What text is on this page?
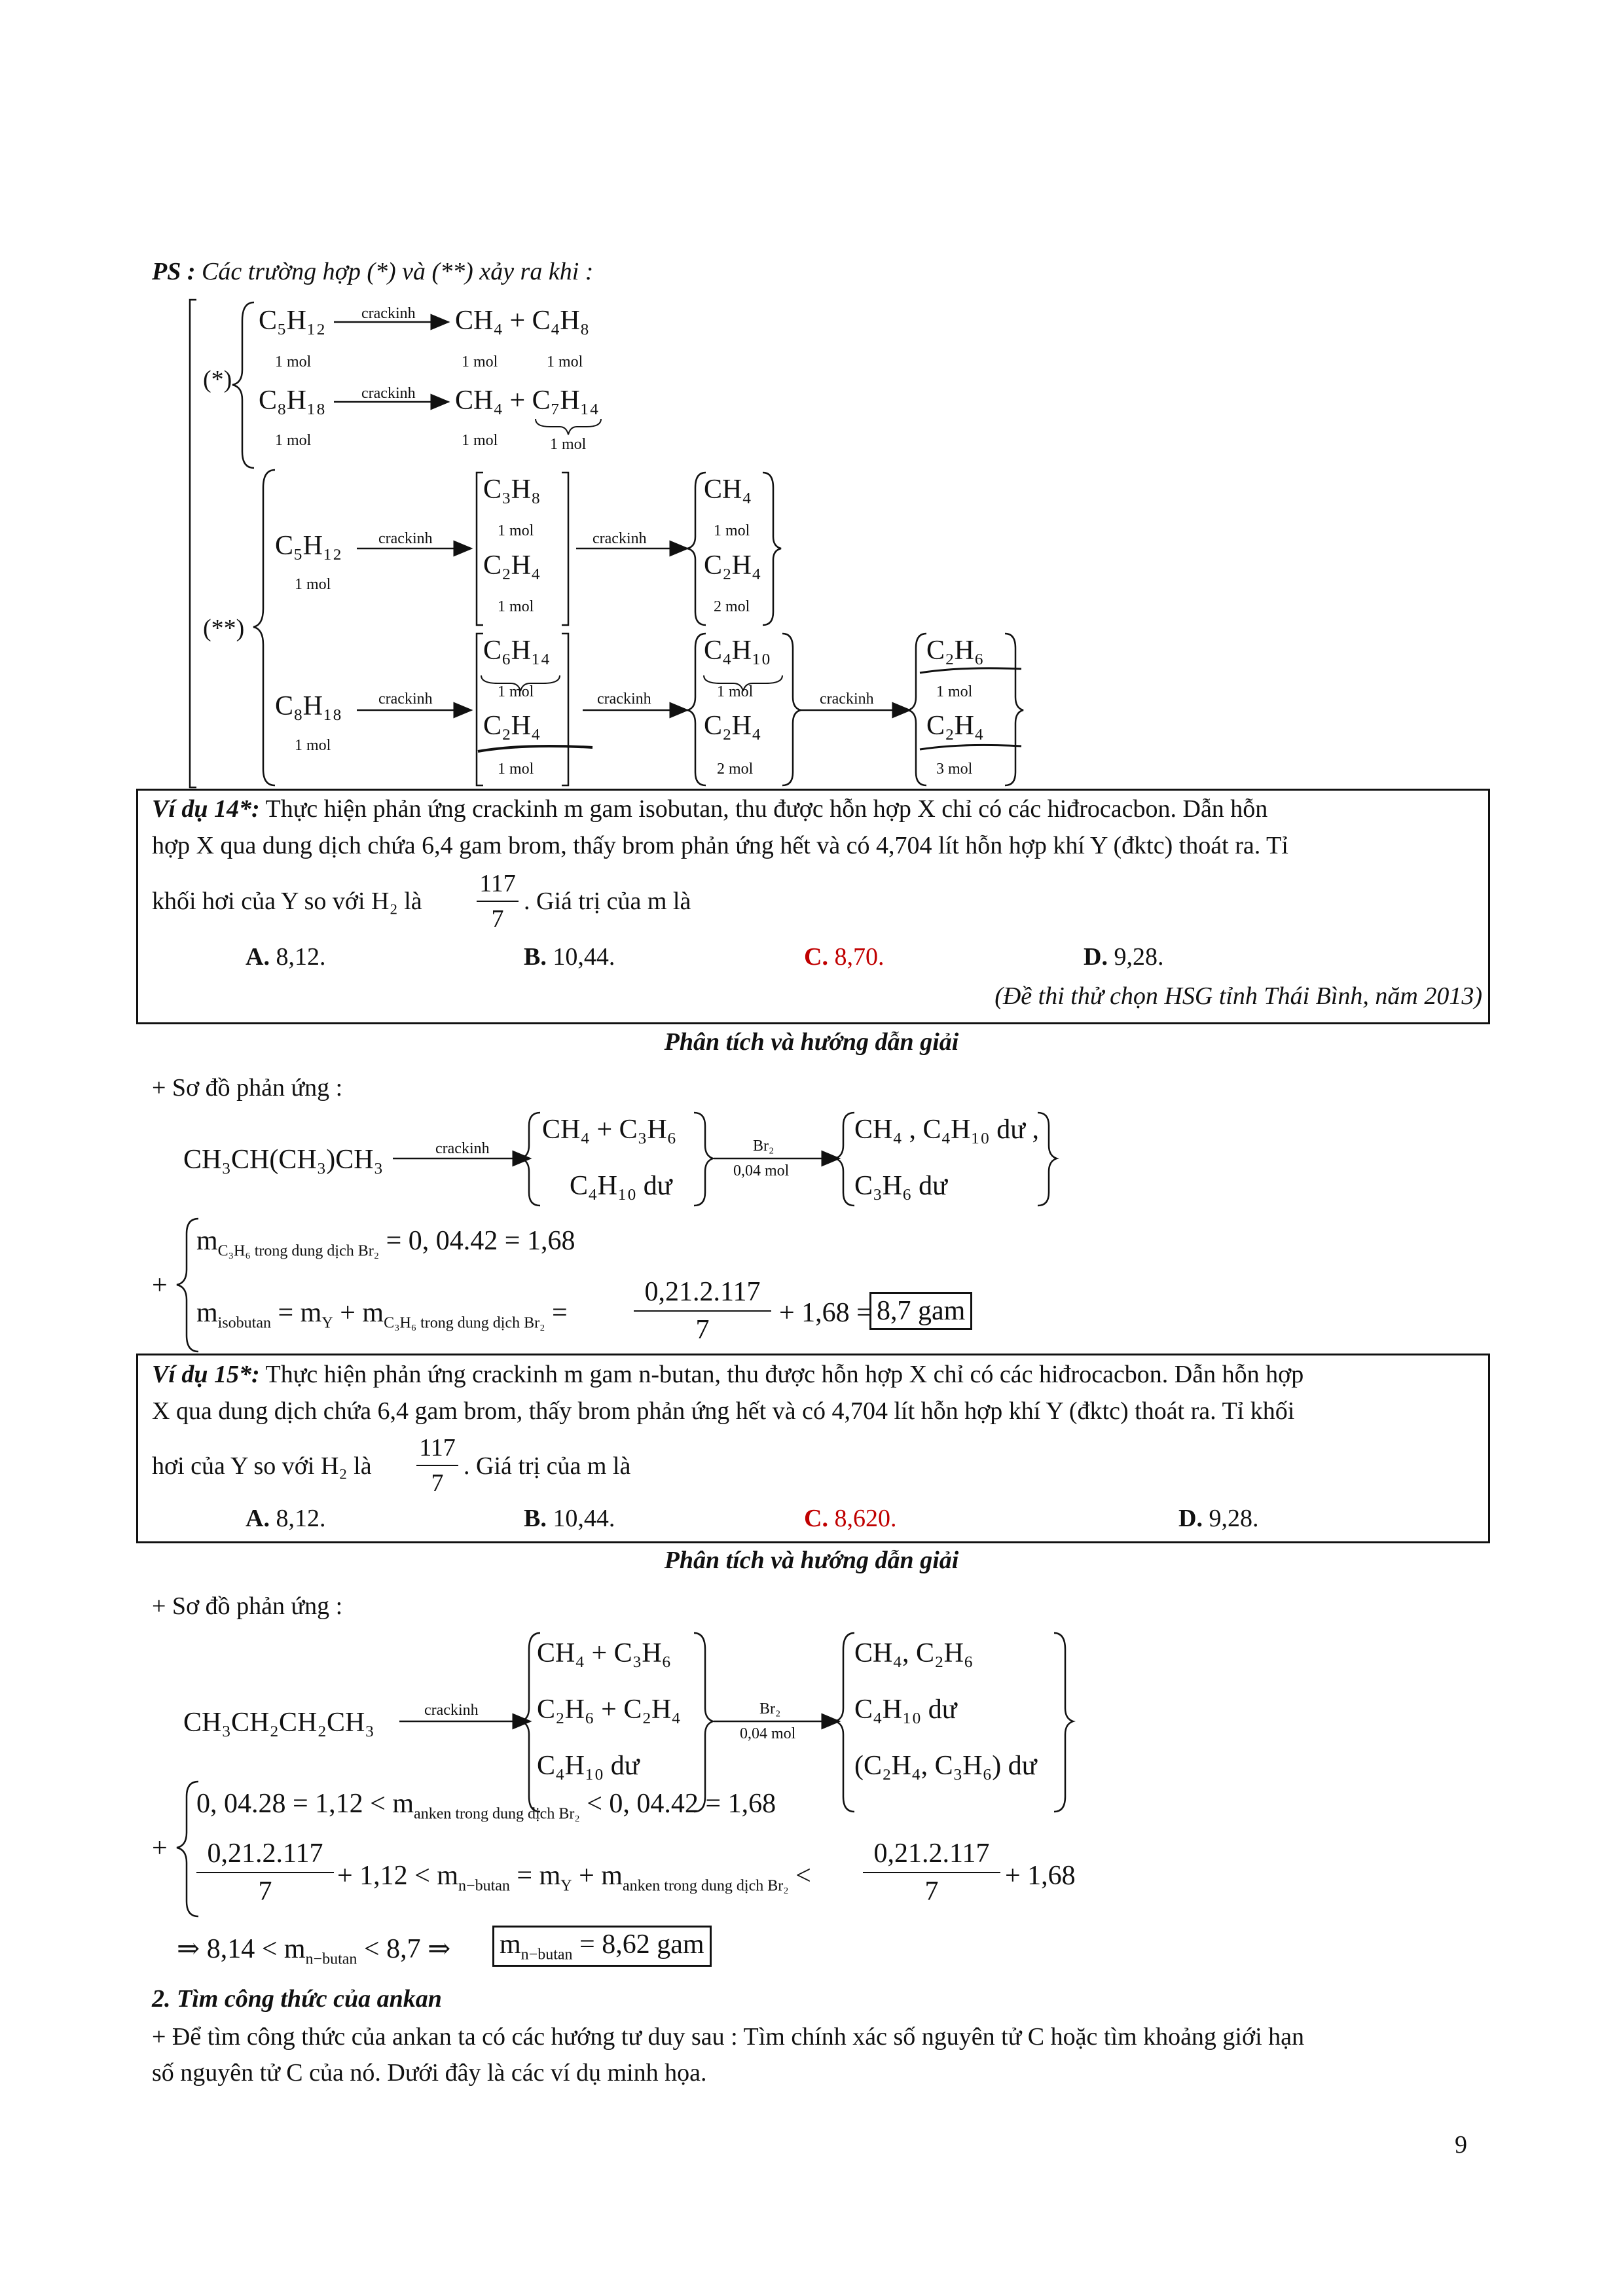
PS : Các trường hợp (*) và (**) xảy ra khi :
(*)
C₅H₁₂
1 mol
crackinh CH₄ + C₄H₈
1 mol	1 mol
C₈H₁₈
1 mol
crackinh CH₄ + C₇H₁₄
1 mol	1 mol
(**)
C₅H₁₂
1 mol
crackinh
C₃H₈
1 mol
C₂H₄
1 mol
crackinh
CH₄
1 mol
C₂H₄
2 mol
C₈H₁₈
1 mol
crackinh
C₆H₁₄
1 mol
C₂H₄
1 mol
crackinh
C₄H₁₀
1 mol
C₂H₄
2 mol
crackinh
C₂H₆
1 mol
C₂H₄
3 mol
Ví dụ 14*: Thực hiện phản ứng crackinh m gam isobutan, thu được hỗn hợp X chỉ có các hiđrocacbon. Dẫn hỗn
hợp X qua dung dịch chứa 6,4 gam brom, thấy brom phản ứng hết và có 4,704 lít hỗn hợp khí Y (đktc) thoát ra. Tỉ
khối hơi của Y so với H₂ là
117
7
. Giá trị của m là
A. 8,12.	B. 10,44.	C. 8,70.	D. 9,28.
(Đề thi thử chọn HSG tỉnh Thái Bình, năm 2013)
Phân tích và hướng dẫn giải
+ Sơ đồ phản ứng :
CH₃CH(CH₃)CH₃	crackinh
CH₄ + C₃H₆
C₄H₁₀ dư
Br₂
0,04 mol
CH₄ , C₄H₁₀ dư ,
C₃H₆ dư
+
$m_{C_3H_6 trong dung dịch Br_2} = 0$, 04.42 = 1,68
$m_{isobutan} = m_Y + m_{C_3H_6 trong dung dịch Br_2}$ =
0,21.2.117
7
+ 1,68 = 8,7 gam
Ví dụ 15*: Thực hiện phản ứng crackinh m gam n-butan, thu được hỗn hợp X chỉ có các hiđrocacbon. Dẫn hỗn hợp
X qua dung dịch chứa 6,4 gam brom, thấy brom phản ứng hết và có 4,704 lít hỗn hợp khí Y (đktc) thoát ra. Tỉ khối
hơi của Y so với H₂ là
117
7
. Giá trị của m là
A. 8,12.	B. 10,44.	C. 8,620.	D. 9,28.
Phân tích và hướng dẫn giải
+ Sơ đồ phản ứng :
CH₃CH₂CH₂CH₃	crackinh
CH₄ + C₃H₆
C₂H₆ + C₂H₄
C₄H₁₀ dư
Br₂
0,04 mol
CH₄, C₂H₆
C₄H₁₀ dư
(C₂H₄, C₃H₆) dư
+
0, $04.28 = 1,12 < m_{anken trong dung dịch Br_2} < 0$, 04.42 = 1,68
0,21.2.117
7
+ $1,12 < m_{n-butan} = m_Y + m_{anken trong dung dịch Br_2}$ <
0,21.2.117
7
+ 1,68
⇒ $8,14 < m_{n-butan} < 8,7$ ⇒ $m_{n-butan} = 8,62$ gam
2. Tìm công thức của ankan
+ Để tìm công thức của ankan ta có các hướng tư duy sau : Tìm chính xác số nguyên tử C hoặc tìm khoảng giới hạn
số nguyên tử C của nó. Dưới đây là các ví dụ minh họa.
9
